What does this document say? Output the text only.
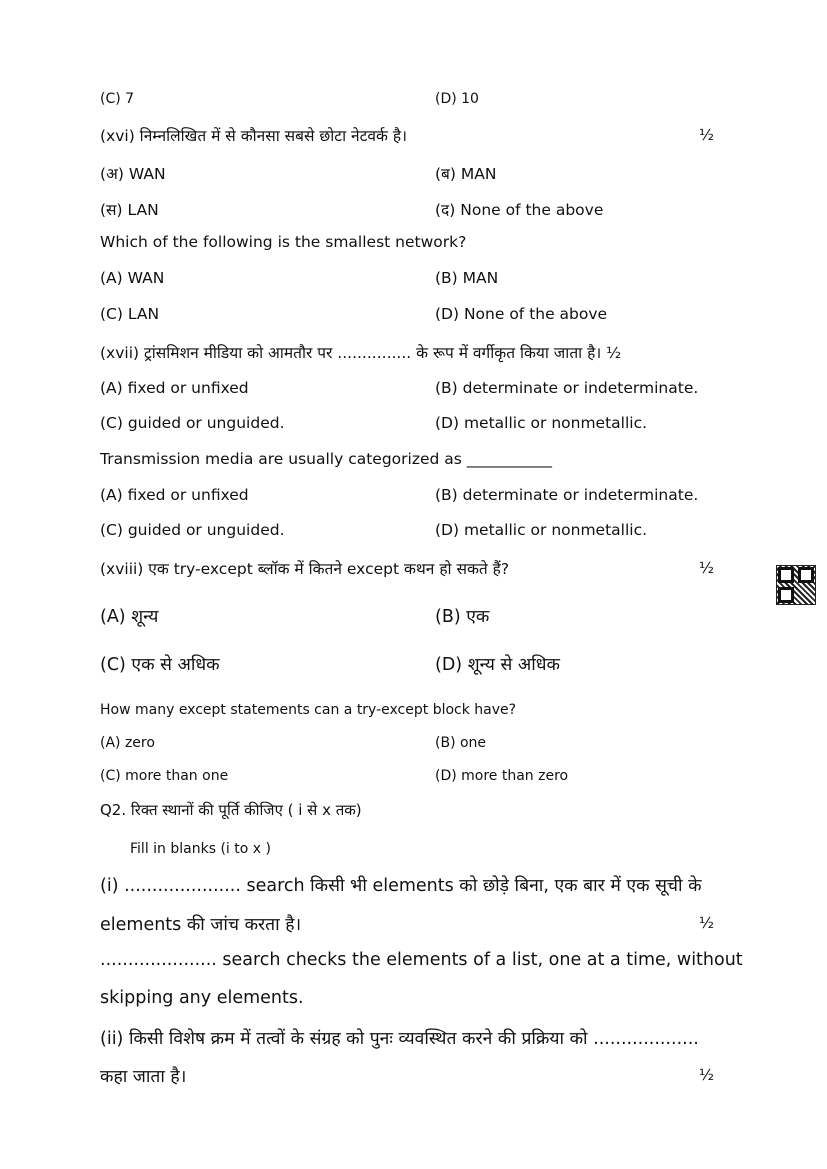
(C) 7	(D) 10
(xvi) निम्नलिखित में से कौनसा सबसे छोटा नेटवर्क है।	½
(अ) WAN	(ब) MAN
(स) LAN	(द) None of the above
Which of the following is the smallest network?
(A) WAN	(B) MAN
(C) LAN	(D) None of the above
(xvii) ट्रांसमिशन मीडिया को आमतौर पर ............... के रूप में वर्गीकृत किया जाता है। ½
(A) fixed or unfixed	(B) determinate or indeterminate.
(C) guided or unguided.	(D) metallic or nonmetallic.
Transmission media are usually categorized as ___________
(A) fixed or unfixed	(B) determinate or indeterminate.
(C) guided or unguided.	(D) metallic or nonmetallic.
(xviii) एक try-except ब्लॉक में कितने except कथन हो सकते हैं?	½
(A) शून्य	(B) एक
(C) एक से अधिक	(D) शून्य से अधिक
How many except statements can a try-except block have?
(A) zero	(B) one
(C) more than one	(D) more than zero
Q2. रिक्त स्थानों की पूर्ति कीजिए ( i से x तक)
Fill in blanks (i to x )
(i) ..................... search किसी भी elements को छोड़े बिना, एक बार में एक सूची के
elements की जांच करता है।	½
..................... search checks the elements of a list, one at a time, without
skipping any elements.
(ii) किसी विशेष क्रम में तत्वों के संग्रह को पुनः व्यवस्थित करने की प्रक्रिया को ...................
कहा जाता है।	½
